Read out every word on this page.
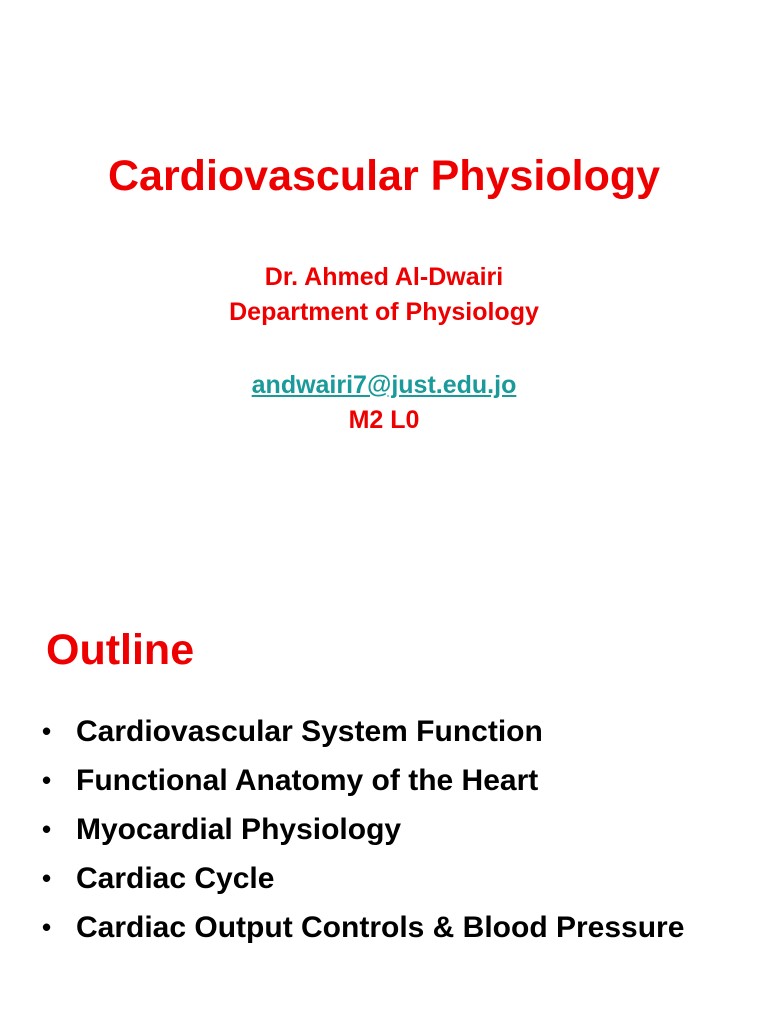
Cardiovascular Physiology
Dr. Ahmed Al-Dwairi
Department of Physiology
andwairi7@just.edu.jo
M2 L0
Outline
• Cardiovascular System Function
• Functional Anatomy of the Heart
• Myocardial Physiology
• Cardiac Cycle
• Cardiac Output Controls & Blood Pressure
